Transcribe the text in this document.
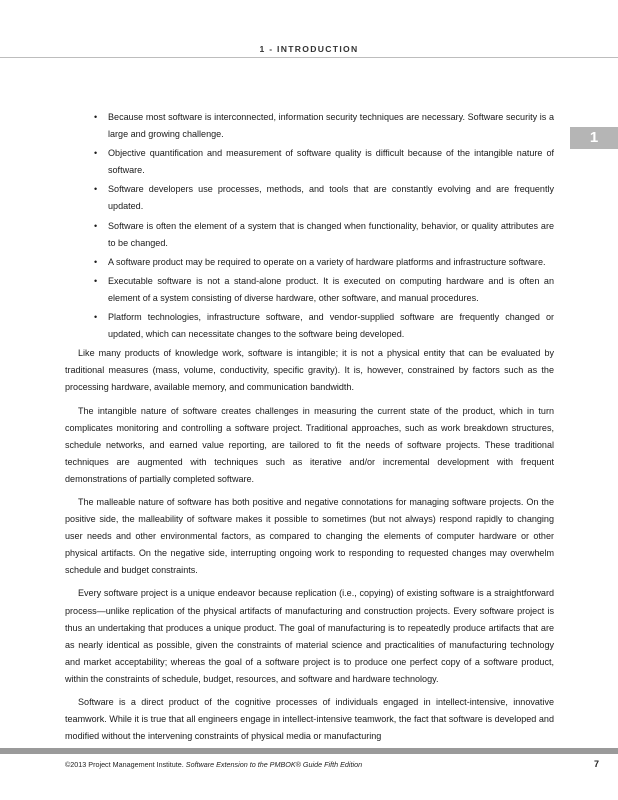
1 - INTRODUCTION
1
• Because most software is interconnected, information security techniques are necessary. Software security is a large and growing challenge.
• Objective quantification and measurement of software quality is difficult because of the intangible nature of software.
• Software developers use processes, methods, and tools that are constantly evolving and are frequently updated.
• Software is often the element of a system that is changed when functionality, behavior, or quality attributes are to be changed.
• A software product may be required to operate on a variety of hardware platforms and infrastructure software.
• Executable software is not a stand-alone product. It is executed on computing hardware and is often an element of a system consisting of diverse hardware, other software, and manual procedures.
• Platform technologies, infrastructure software, and vendor-supplied software are frequently changed or updated, which can necessitate changes to the software being developed.

Like many products of knowledge work, software is intangible; it is not a physical entity that can be evaluated by traditional measures (mass, volume, conductivity, specific gravity). It is, however, constrained by factors such as the processing hardware, available memory, and communication bandwidth.

The intangible nature of software creates challenges in measuring the current state of the product, which in turn complicates monitoring and controlling a software project. Traditional approaches, such as work breakdown structures, schedule networks, and earned value reporting, are tailored to fit the needs of software projects. These traditional techniques are augmented with techniques such as iterative and/or incremental development with frequent demonstrations of partially completed software.

The malleable nature of software has both positive and negative connotations for managing software projects. On the positive side, the malleability of software makes it possible to sometimes (but not always) respond rapidly to changing user needs and other environmental factors, as compared to changing the elements of computer hardware or other physical artifacts. On the negative side, interrupting ongoing work to responding to requested changes may overwhelm schedule and budget constraints.

Every software project is a unique endeavor because replication (i.e., copying) of existing software is a straightforward process—unlike replication of the physical artifacts of manufacturing and construction projects. Every software project is thus an undertaking that produces a unique product. The goal of manufacturing is to repeatedly produce artifacts that are as nearly identical as possible, given the constraints of material science and practicalities of manufacturing technology and market acceptability; whereas the goal of a software project is to produce one perfect copy of a software product, within the constraints of schedule, budget, resources, and software and hardware technology.

Software is a direct product of the cognitive processes of individuals engaged in intellect-intensive, innovative teamwork. While it is true that all engineers engage in intellect-intensive teamwork, the fact that software is developed and modified without the intervening constraints of physical media or manufacturing

©2013 Project Management Institute. Software Extension to the PMBOK® Guide Fifth Edition	7
